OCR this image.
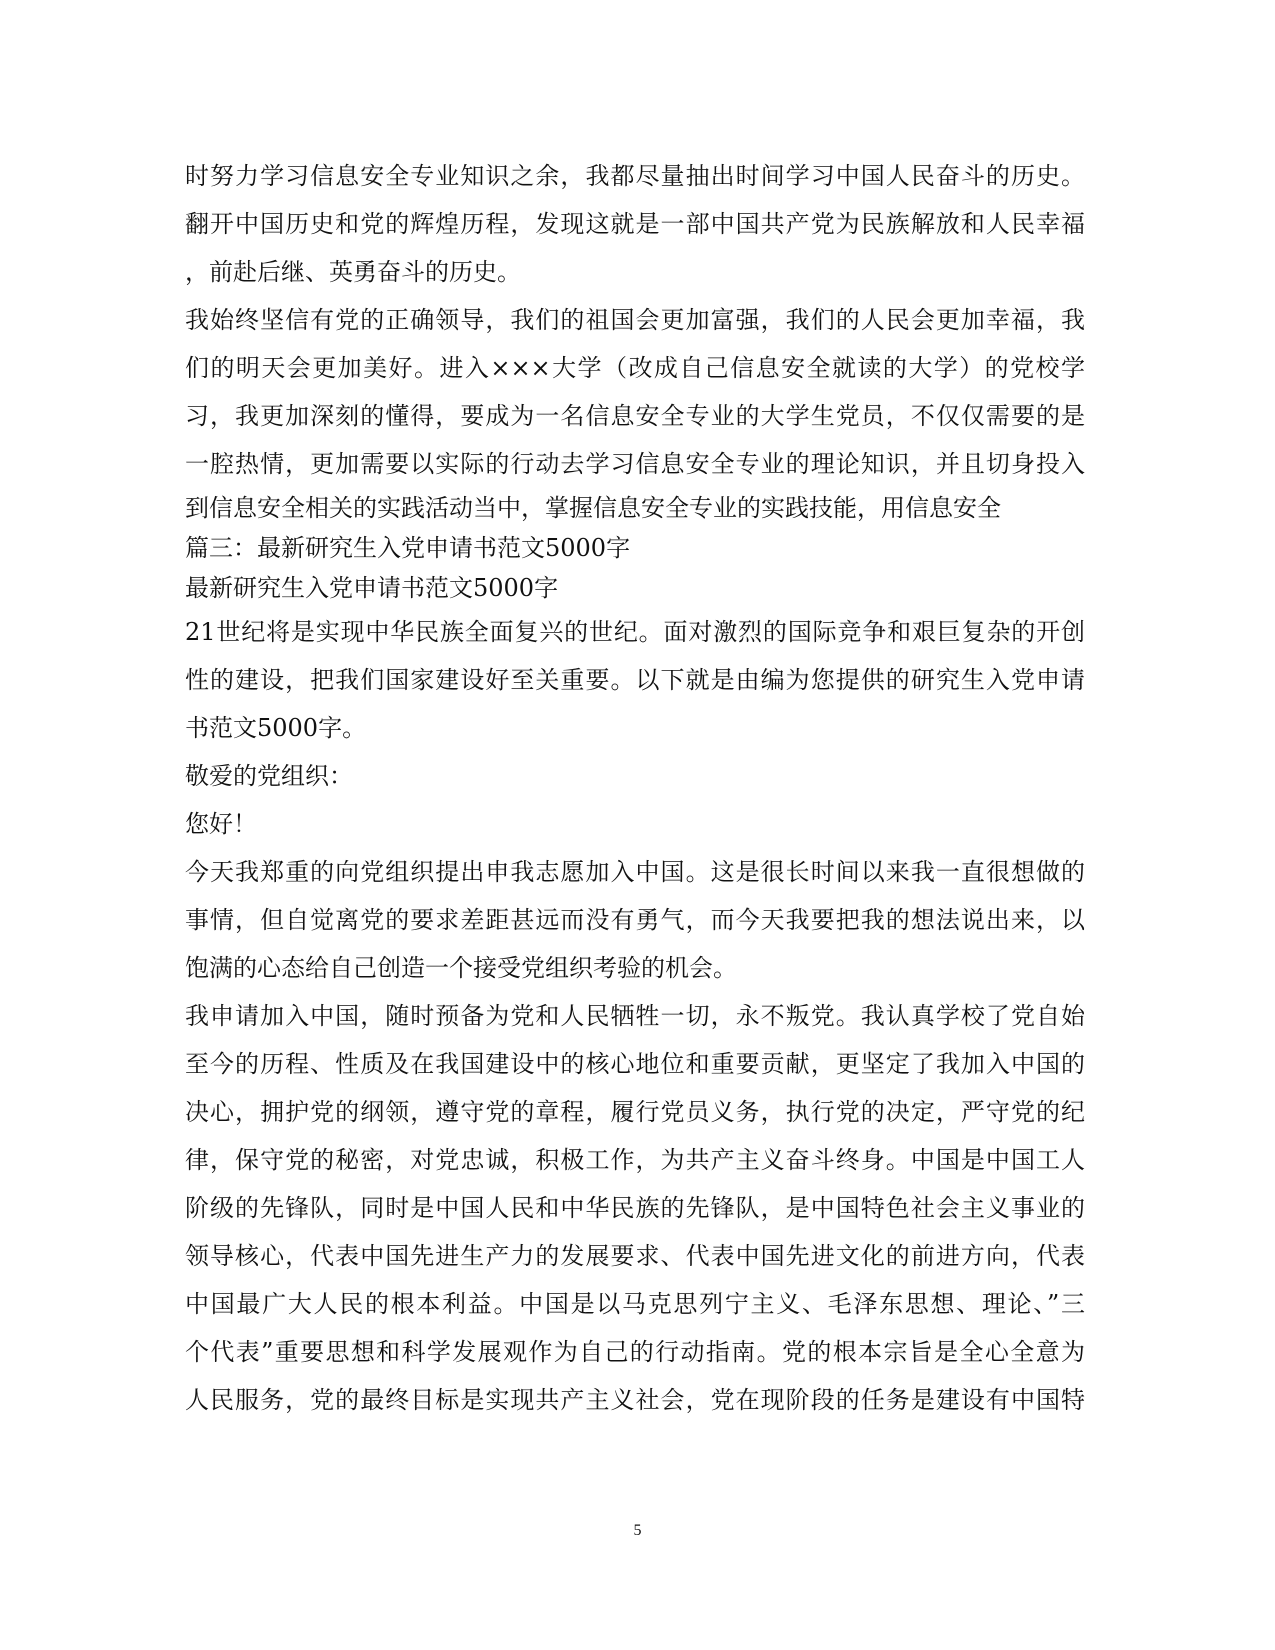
时努力学习信息安全专业知识之余，我都尽量抽出时间学习中国人民奋斗的历史。
翻开中国历史和党的辉煌历程，发现这就是一部中国共产党为民族解放和人民幸福
，前赴后继、英勇奋斗的历史。
我始终坚信有党的正确领导，我们的祖国会更加富强，我们的人民会更加幸福，我
们的明天会更加美好。进入×××大学（改成自己信息安全就读的大学）的党校学
习，我更加深刻的懂得，要成为一名信息安全专业的大学生党员，不仅仅需要的是
一腔热情，更加需要以实际的行动去学习信息安全专业的理论知识，并且切身投入
到信息安全相关的实践活动当中，掌握信息安全专业的实践技能，用信息安全
篇三：最新研究生入党申请书范文5000字
最新研究生入党申请书范文5000字
21世纪将是实现中华民族全面复兴的世纪。面对激烈的国际竞争和艰巨复杂的开创
性的建设，把我们国家建设好至关重要。以下就是由编为您提供的研究生入党申请
书范文5000字。
敬爱的党组织：
您好！
今天我郑重的向党组织提出申我志愿加入中国。这是很长时间以来我一直很想做的
事情，但自觉离党的要求差距甚远而没有勇气，而今天我要把我的想法说出来，以
饱满的心态给自己创造一个接受党组织考验的机会。
我申请加入中国，随时预备为党和人民牺牲一切，永不叛党。我认真学校了党自始
至今的历程、性质及在我国建设中的核心地位和重要贡献，更坚定了我加入中国的
决心，拥护党的纲领，遵守党的章程，履行党员义务，执行党的决定，严守党的纪
律，保守党的秘密，对党忠诚，积极工作，为共产主义奋斗终身。中国是中国工人
阶级的先锋队，同时是中国人民和中华民族的先锋队，是中国特色社会主义事业的
领导核心，代表中国先进生产力的发展要求、代表中国先进文化的前进方向，代表
中国最广大人民的根本利益。中国是以马克思列宁主义、毛泽东思想、理论、”三
个代表”重要思想和科学发展观作为自己的行动指南。党的根本宗旨是全心全意为
人民服务，党的最终目标是实现共产主义社会，党在现阶段的任务是建设有中国特
5
